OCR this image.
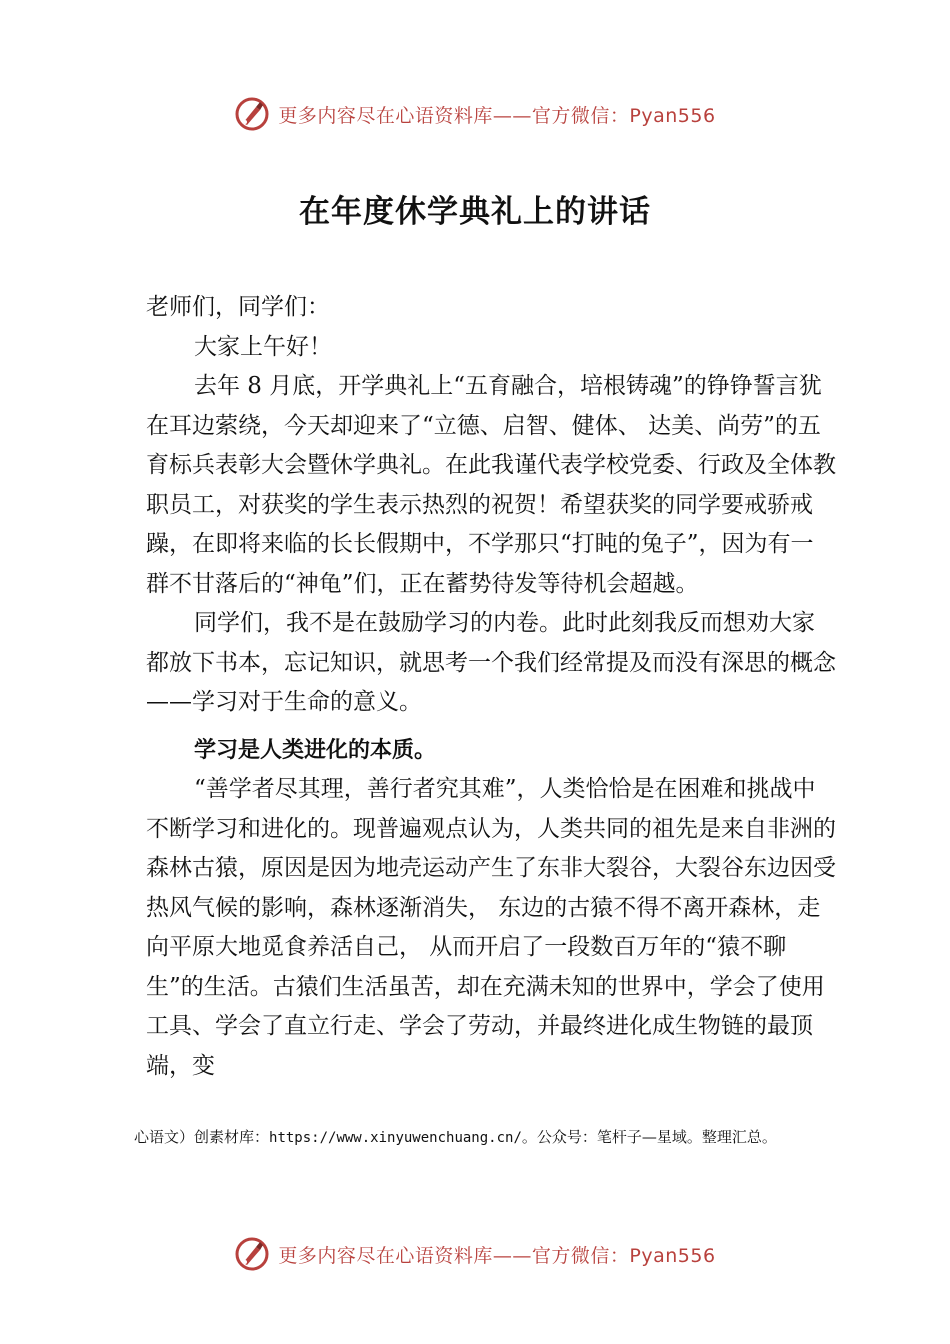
更多内容尽在心语资料库——官方微信：Pyan556
在年度休学典礼上的讲话

老师们，同学们：

大家上午好！

去年 8 月底，开学典礼上“五育融合，培根铸魂”的铮铮誓言犹在耳边萦绕，今天却迎来了“立德、启智、健体、 达美、尚劳”的五育标兵表彰大会暨休学典礼。在此我谨代表学校党委、行政及全体教职员工，对获奖的学生表示热烈的祝贺！希望获奖的同学要戒骄戒躁，在即将来临的长长假期中，不学那只“打盹的兔子”，因为有一群不甘落后的“神龟”们，正在蓄势待发等待机会超越。

同学们，我不是在鼓励学习的内卷。此时此刻我反而想劝大家都放下书本，忘记知识，就思考一个我们经常提及而没有深思的概念——学习对于生命的意义。

学习是人类进化的本质。

“善学者尽其理，善行者究其难”，人类恰恰是在困难和挑战中不断学习和进化的。现普遍观点认为，人类共同的祖先是来自非洲的森林古猿，原因是因为地壳运动产生了东非大裂谷，大裂谷东边因受热风气候的影响，森林逐渐消失， 东边的古猿不得不离开森林，走向平原大地觅食养活自己， 从而开启了一段数百万年的“猿不聊生”的生活。古猿们生活虽苦，却在充满未知的世界中，学会了使用工具、学会了直立行走、学会了劳动，并最终进化成生物链的最顶端，变

心语文）创素材库：https://www.xinyuwenchuang.cn/。公众号：笔杆子—星域。整理汇总。
更多内容尽在心语资料库——官方微信：Pyan556
